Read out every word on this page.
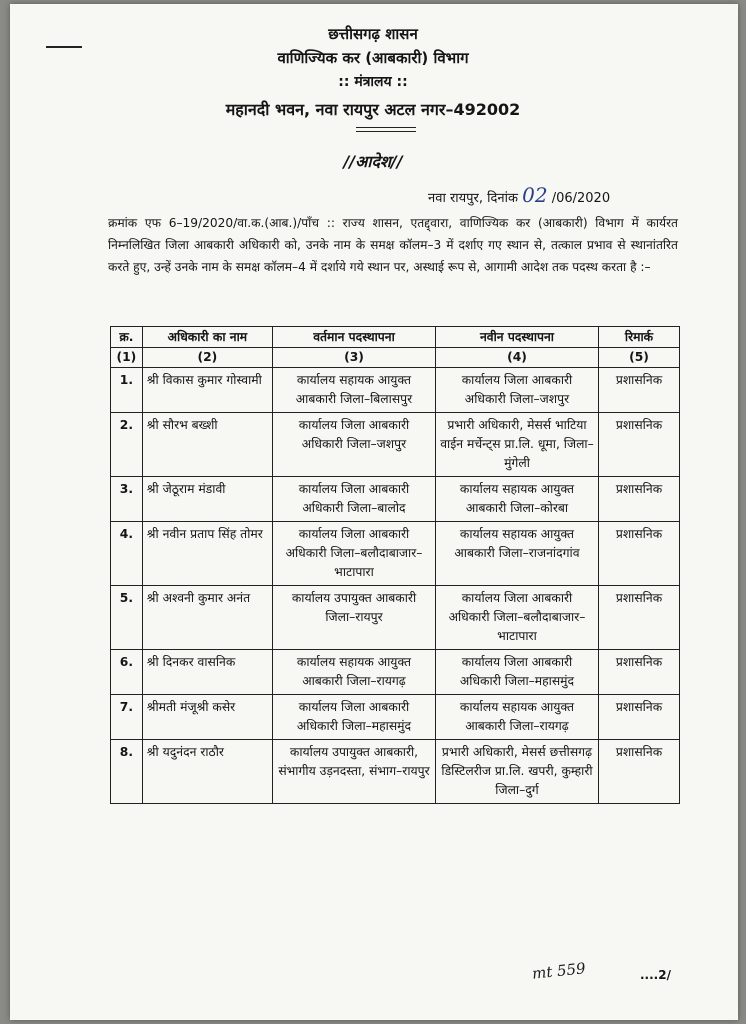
छत्तीसगढ़ शासन
वाणिज्यिक कर (आबकारी) विभाग
:: मंत्रालय ::
महानदी भवन, नवा रायपुर अटल नगर–492002
//आदेश//
नवा रायपुर, दिनांक 02 /06/2020
क्रमांक एफ 6–19/2020/वा.क.(आब.)/पाँच :: राज्य शासन, एतद्द्वारा, वाणिज्यिक कर (आबकारी) विभाग में कार्यरत निम्नलिखित जिला आबकारी अधिकारी को, उनके नाम के समक्ष कॉलम–3 में दर्शाए गए स्थान से, तत्काल प्रभाव से स्थानांतरित करते हुए, उन्हें उनके नाम के समक्ष कॉलम–4 में दर्शाये गये स्थान पर, अस्थाई रूप से, आगामी आदेश तक पदस्थ करता है :–
क्र.	अधिकारी का नाम	वर्तमान पदस्थापना	नवीन पदस्थापना	रिमार्क
(1)	(2)	(3)	(4)	(5)
1.	श्री विकास कुमार गोस्वामी	कार्यालय सहायक आयुक्त आबकारी जिला–बिलासपुर	कार्यालय जिला आबकारी अधिकारी जिला–जशपुर	प्रशासनिक
2.	श्री सौरभ बख्शी	कार्यालय जिला आबकारी अधिकारी जिला–जशपुर	प्रभारी अधिकारी, मेसर्स भाटिया वाईन मर्चेन्ट्स प्रा.लि. धूमा, जिला–मुंगेली	प्रशासनिक
3.	श्री जेठूराम मंडावी	कार्यालय जिला आबकारी अधिकारी जिला–बालोद	कार्यालय सहायक आयुक्त आबकारी जिला–कोरबा	प्रशासनिक
4.	श्री नवीन प्रताप सिंह तोमर	कार्यालय जिला आबकारी अधिकारी जिला–बलौदाबाजार–भाटापारा	कार्यालय सहायक आयुक्त आबकारी जिला–राजनांदगांव	प्रशासनिक
5.	श्री अश्वनी कुमार अनंत	कार्यालय उपायुक्त आबकारी जिला–रायपुर	कार्यालय जिला आबकारी अधिकारी जिला–बलौदाबाजार–भाटापारा	प्रशासनिक
6.	श्री दिनकर वासनिक	कार्यालय सहायक आयुक्त आबकारी जिला–रायगढ़	कार्यालय जिला आबकारी अधिकारी जिला–महासमुंद	प्रशासनिक
7.	श्रीमती मंजूश्री कसेर	कार्यालय जिला आबकारी अधिकारी जिला–महासमुंद	कार्यालय सहायक आयुक्त आबकारी जिला–रायगढ़	प्रशासनिक
8.	श्री यदुनंदन राठौर	कार्यालय उपायुक्त आबकारी, संभागीय उड़नदस्ता, संभाग–रायपुर	प्रभारी अधिकारी, मेसर्स छत्तीसगढ़ डिस्टिलरीज प्रा.लि. खपरी, कुम्हारी जिला–दुर्ग	प्रशासनिक
mt 559	....2/
